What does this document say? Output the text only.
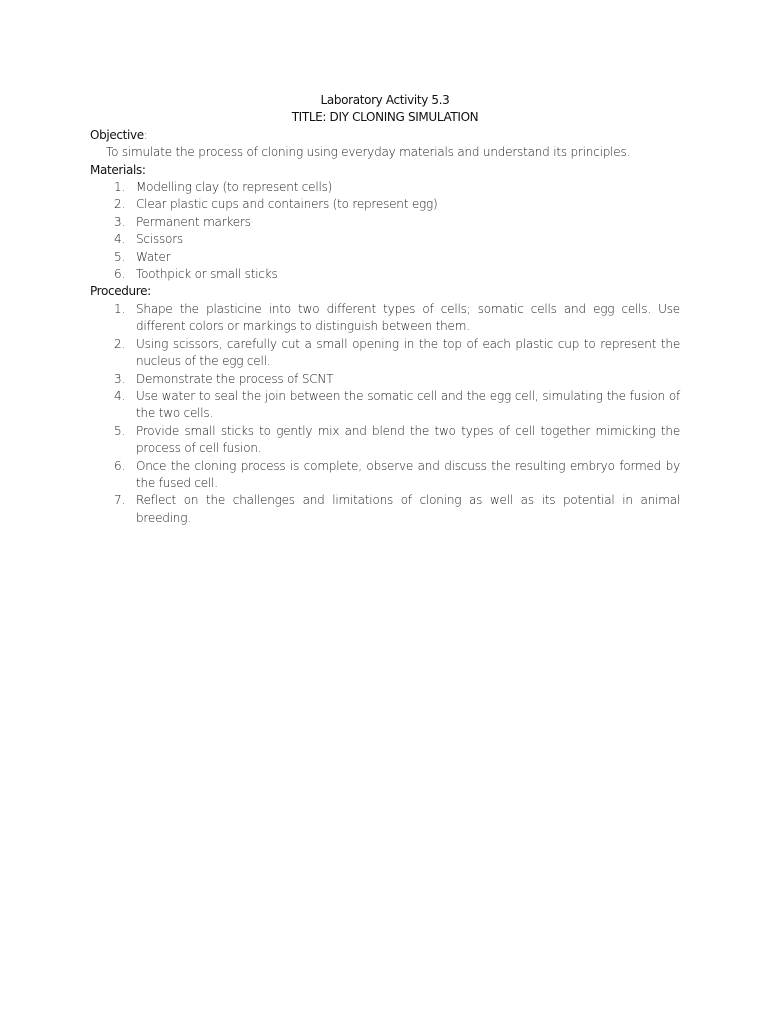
Laboratory Activity 5.3
TITLE: DIY CLONING SIMULATION
Objective:
To simulate the process of cloning using everyday materials and understand its principles.
Materials:
1. Modelling clay (to represent cells)
2. Clear plastic cups and containers (to represent egg)
3. Permanent markers
4. Scissors
5. Water
6. Toothpick or small sticks
Procedure:
1. Shape the plasticine into two different types of cells; somatic cells and egg cells. Use different colors or markings to distinguish between them.
2. Using scissors, carefully cut a small opening in the top of each plastic cup to represent the nucleus of the egg cell.
3. Demonstrate the process of SCNT
4. Use water to seal the join between the somatic cell and the egg cell, simulating the fusion of the two cells.
5. Provide small sticks to gently mix and blend the two types of cell together mimicking the process of cell fusion.
6. Once the cloning process is complete, observe and discuss the resulting embryo formed by the fused cell.
7. Reflect on the challenges and limitations of cloning as well as its potential in animal breeding.
